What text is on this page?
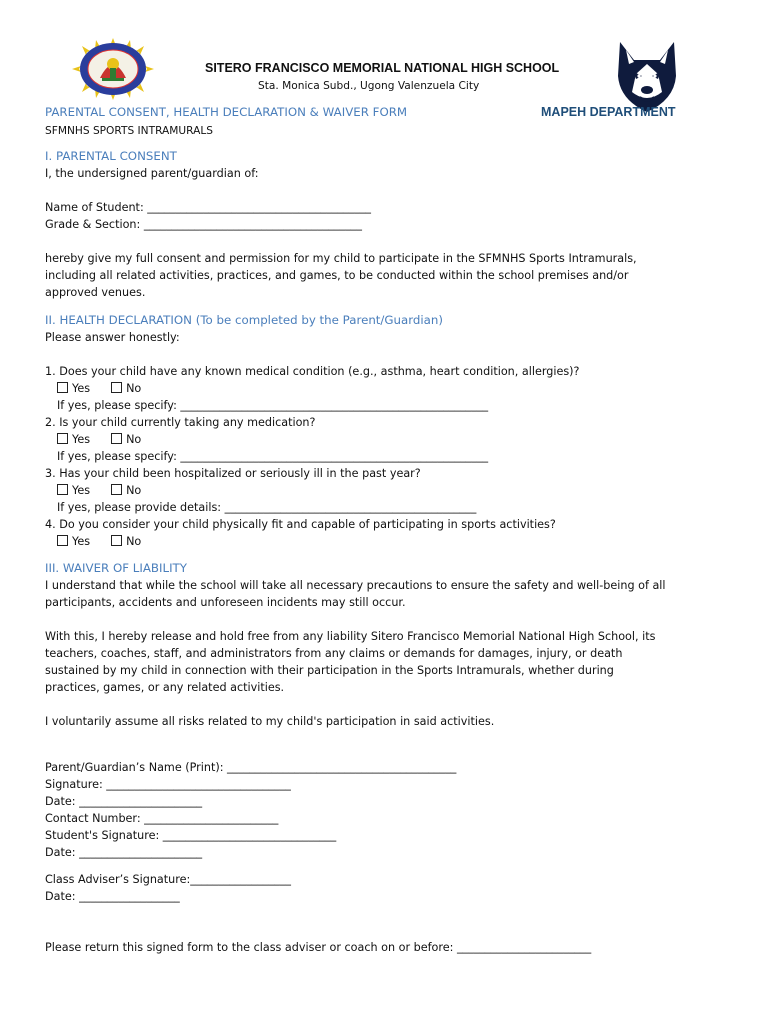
SITERO FRANCISCO MEMORIAL NATIONAL HIGH SCHOOL
Sta. Monica Subd., Ugong Valenzuela City
PARENTAL CONSENT, HEALTH DECLARATION & WAIVER FORM	MAPEH DEPARTMENT
SFMNHS SPORTS INTRAMURALS
I. PARENTAL CONSENT
I, the undersigned parent/guardian of:
Name of Student: ________________________________________
Grade & Section: _______________________________________
hereby give my full consent and permission for my child to participate in the SFMNHS Sports Intramurals,
including all related activities, practices, and games, to be conducted within the school premises and/or
approved venues.
II. HEALTH DECLARATION (To be completed by the Parent/Guardian)
Please answer honestly:
1. Does your child have any known medical condition (e.g., asthma, heart condition, allergies)?
Yes	No
If yes, please specify: _______________________________________________________
2. Is your child currently taking any medication?
Yes	No
If yes, please specify: _______________________________________________________
3. Has your child been hospitalized or seriously ill in the past year?
Yes	No
If yes, please provide details: _____________________________________________
4. Do you consider your child physically fit and capable of participating in sports activities?
Yes	No
III. WAIVER OF LIABILITY
I understand that while the school will take all necessary precautions to ensure the safety and well-being of all
participants, accidents and unforeseen incidents may still occur.
With this, I hereby release and hold free from any liability Sitero Francisco Memorial National High School, its
teachers, coaches, staff, and administrators from any claims or demands for damages, injury, or death
sustained by my child in connection with their participation in the Sports Intramurals, whether during
practices, games, or any related activities.
I voluntarily assume all risks related to my child's participation in said activities.
Parent/Guardian’s Name (Print): _________________________________________
Signature: _________________________________
Date: ______________________
Contact Number: ________________________
Student's Signature: _______________________________
Date: ______________________
Class Adviser’s Signature:__________________
Date: __________________
Please return this signed form to the class adviser or coach on or before: ________________________
